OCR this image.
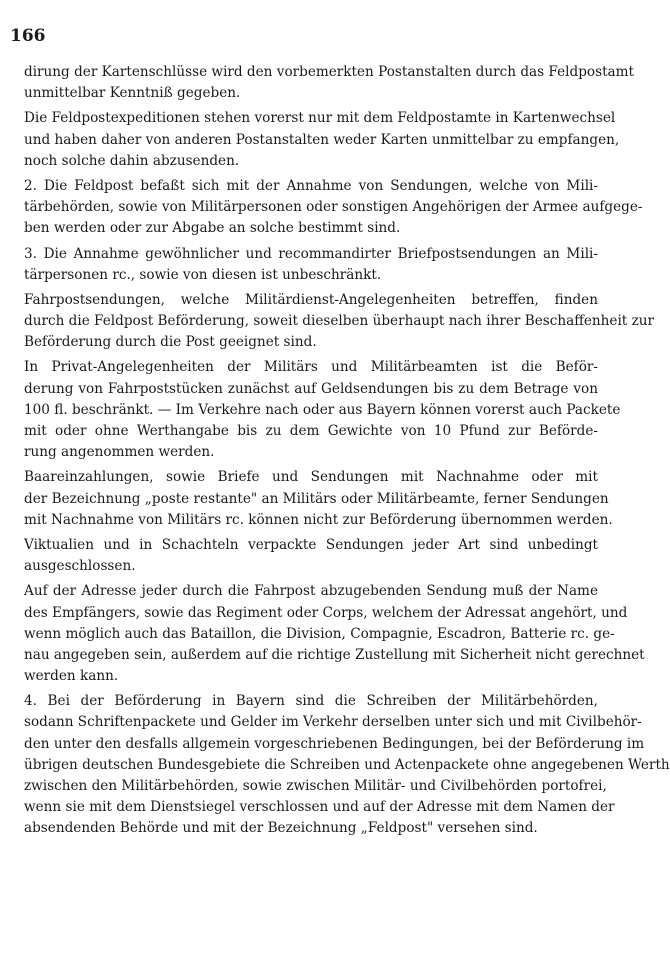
166
dirung der Kartenschlüsse wird den vorbemerkten Postanstalten durch das Feldpostamt
unmittelbar Kenntniß gegeben.
Die Feldpostexpeditionen stehen vorerst nur mit dem Feldpostamte in Kartenwechsel
und haben daher von anderen Postanstalten weder Karten unmittelbar zu empfangen,
noch solche dahin abzusenden.
2. Die Feldpost befaßt sich mit der Annahme von Sendungen, welche von Mili-
tärbehörden, sowie von Militärpersonen oder sonstigen Angehörigen der Armee aufgege-
ben werden oder zur Abgabe an solche bestimmt sind.
3. Die Annahme gewöhnlicher und recommandirter Briefpostsendungen an Mili-
tärpersonen rc., sowie von diesen ist unbeschränkt.
Fahrpostsendungen, welche Militärdienst-Angelegenheiten betreffen, finden
durch die Feldpost Beförderung, soweit dieselben überhaupt nach ihrer Beschaffenheit zur
Beförderung durch die Post geeignet sind.
In Privat-Angelegenheiten der Militärs und Militärbeamten ist die Beför-
derung von Fahrpoststücken zunächst auf Geldsendungen bis zu dem Betrage von
100 fl. beschränkt. — Im Verkehre nach oder aus Bayern können vorerst auch Packete
mit oder ohne Werthangabe bis zu dem Gewichte von 10 Pfund zur Beförde-
rung angenommen werden.
Baareinzahlungen, sowie Briefe und Sendungen mit Nachnahme oder mit
der Bezeichnung „poste restante" an Militärs oder Militärbeamte, ferner Sendungen
mit Nachnahme von Militärs rc. können nicht zur Beförderung übernommen werden.
Viktualien und in Schachteln verpackte Sendungen jeder Art sind unbedingt
ausgeschlossen.
Auf der Adresse jeder durch die Fahrpost abzugebenden Sendung muß der Name
des Empfängers, sowie das Regiment oder Corps, welchem der Adressat angehört, und
wenn möglich auch das Bataillon, die Division, Compagnie, Escadron, Batterie rc. ge-
nau angegeben sein, außerdem auf die richtige Zustellung mit Sicherheit nicht gerechnet
werden kann.
4. Bei der Beförderung in Bayern sind die Schreiben der Militärbehörden,
sodann Schriftenpackete und Gelder im Verkehr derselben unter sich und mit Civilbehör-
den unter den desfalls allgemein vorgeschriebenen Bedingungen, bei der Beförderung im
übrigen deutschen Bundesgebiete die Schreiben und Actenpackete ohne angegebenen Werth
zwischen den Militärbehörden, sowie zwischen Militär- und Civilbehörden portofrei,
wenn sie mit dem Dienstsiegel verschlossen und auf der Adresse mit dem Namen der
absendenden Behörde und mit der Bezeichnung „Feldpost" versehen sind.
